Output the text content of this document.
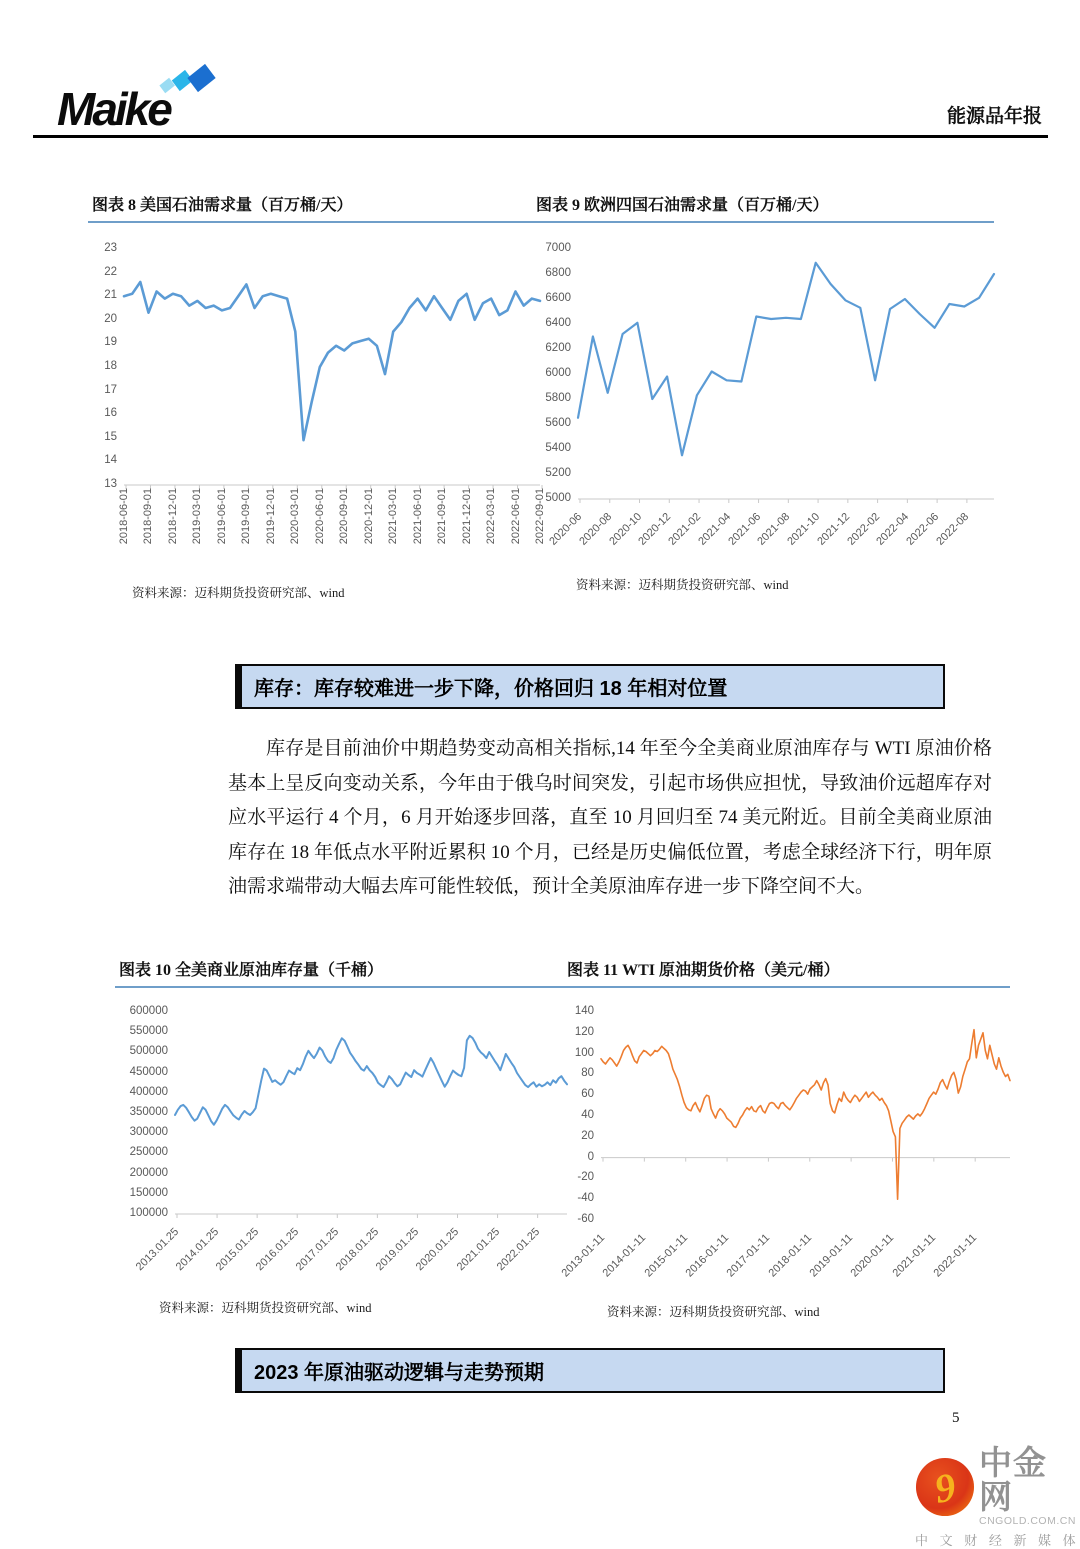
Maike	能源品年报
图表 8 美国石油需求量（百万桶/天）
23
22
21
20
19
18
17
16
15
14
13
2018-06-01 2018-09-01 2018-12-01 2019-03-01 2019-06-01 2019-09-01 2019-12-01 2020-03-01 2020-06-01 2020-09-01 2020-12-01 2021-03-01 2021-06-01 2021-09-01 2021-12-01 2022-03-01 2022-06-01 2022-09-01
资料来源：迈科期货投资研究部、wind
图表 9 欧洲四国石油需求量（百万桶/天）
7000
6800
6600
6400
6200
6000
5800
5600
5400
5200
5000
2020-06
2020-08
2020-10
2020-12
2021-02
2021-04
2021-06
2021-08
2021-10
2021-12
2022-02
2022-04
2022-06
2022-08
资料来源：迈科期货投资研究部、wind
库存：库存较难进一步下降，价格回归 18 年相对位置
库存是目前油价中期趋势变动高相关指标,14 年至今全美商业原油库存与 WTI 原油价格基本上呈反向变动关系，今年由于俄乌时间突发，引起市场供应担忧，导致油价远超库存对应水平运行 4 个月，6 月开始逐步回落，直至 10 月回归至 74 美元附近。目前全美商业原油库存在 18 年低点水平附近累积 10 个月，已经是历史偏低位置，考虑全球经济下行，明年原油需求端带动大幅去库可能性较低，预计全美原油库存进一步下降空间不大。
图表 10 全美商业原油库存量（千桶）
600000
550000
500000
450000
400000
350000
300000
250000
200000
150000
100000
2013.01.25
2014.01.25
2015.01.25
2016.01.25
2017.01.25
2018.01.25
2019.01.25
2020.01.25
2021.01.25
2022.01.25
资料来源：迈科期货投资研究部、wind
图表 11 WTI 原油期货价格（美元/桶）
140
120
100
80
60
40
20
0
-20
-40
-60
2013-01-11
2014-01-11
2015-01-11
2016-01-11
2017-01-11
2018-01-11
2019-01-11
2020-01-11
2021-01-11
2022-01-11
资料来源：迈科期货投资研究部、wind
2023 年原油驱动逻辑与走势预期
5
9
中金网
CNGOLD.COM.CN
中 文 财 经 新 媒 体
